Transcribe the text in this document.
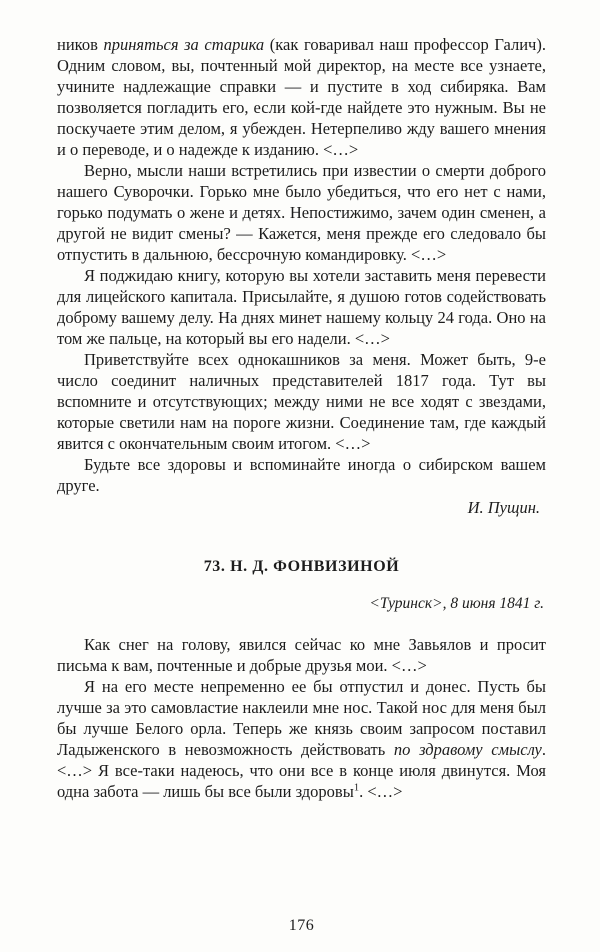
ников приняться за старика (как говаривал наш профессор Галич). Одним словом, вы, почтенный мой директор, на месте все узнаете, учините надлежащие справки — и пустите в ход сибиряка. Вам позволяется погладить его, если кой-где найдете это нужным. Вы не поскучаете этим делом, я убежден. Нетерпеливо жду вашего мнения и о переводе, и о надежде к изданию. <…>

Верно, мысли наши встретились при известии о смерти доброго нашего Суворочки. Горько мне было убедиться, что его нет с нами, горько подумать о жене и детях. Непостижимо, зачем один сменен, а другой не видит смены? — Кажется, меня прежде его следовало бы отпустить в дальнюю, бессрочную командировку. <…>

Я поджидаю книгу, которую вы хотели заставить меня перевести для лицейского капитала. Присылайте, я душою готов содействовать доброму вашему делу. На днях минет нашему кольцу 24 года. Оно на том же пальце, на который вы его надели. <…>

Приветствуйте всех однокашников за меня. Может быть, 9-е число соединит наличных представителей 1817 года. Тут вы вспомните и отсутствующих; между ними не все ходят с звездами, которые светили нам на пороге жизни. Соединение там, где каждый явится с окончательным своим итогом. <…>

Будьте все здоровы и вспоминайте иногда о сибирском вашем друге.

И. Пущин.

73. Н. Д. ФОНВИЗИНОЙ

<Туринск>, 8 июня 1841 г.

Как снег на голову, явился сейчас ко мне Завьялов и просит письма к вам, почтенные и добрые друзья мои. <…>

Я на его месте непременно ее бы отпустил и донес. Пусть бы лучше за это самовластие наклеили мне нос. Такой нос для меня был бы лучше Белого орла. Теперь же князь своим запросом поставил Ладыженского в невозможность действовать по здравому смыслу. <…> Я все-таки надеюсь, что они все в конце июля двинутся. Моя одна забота — лишь бы все были здоровы$^1$. <…>

176
